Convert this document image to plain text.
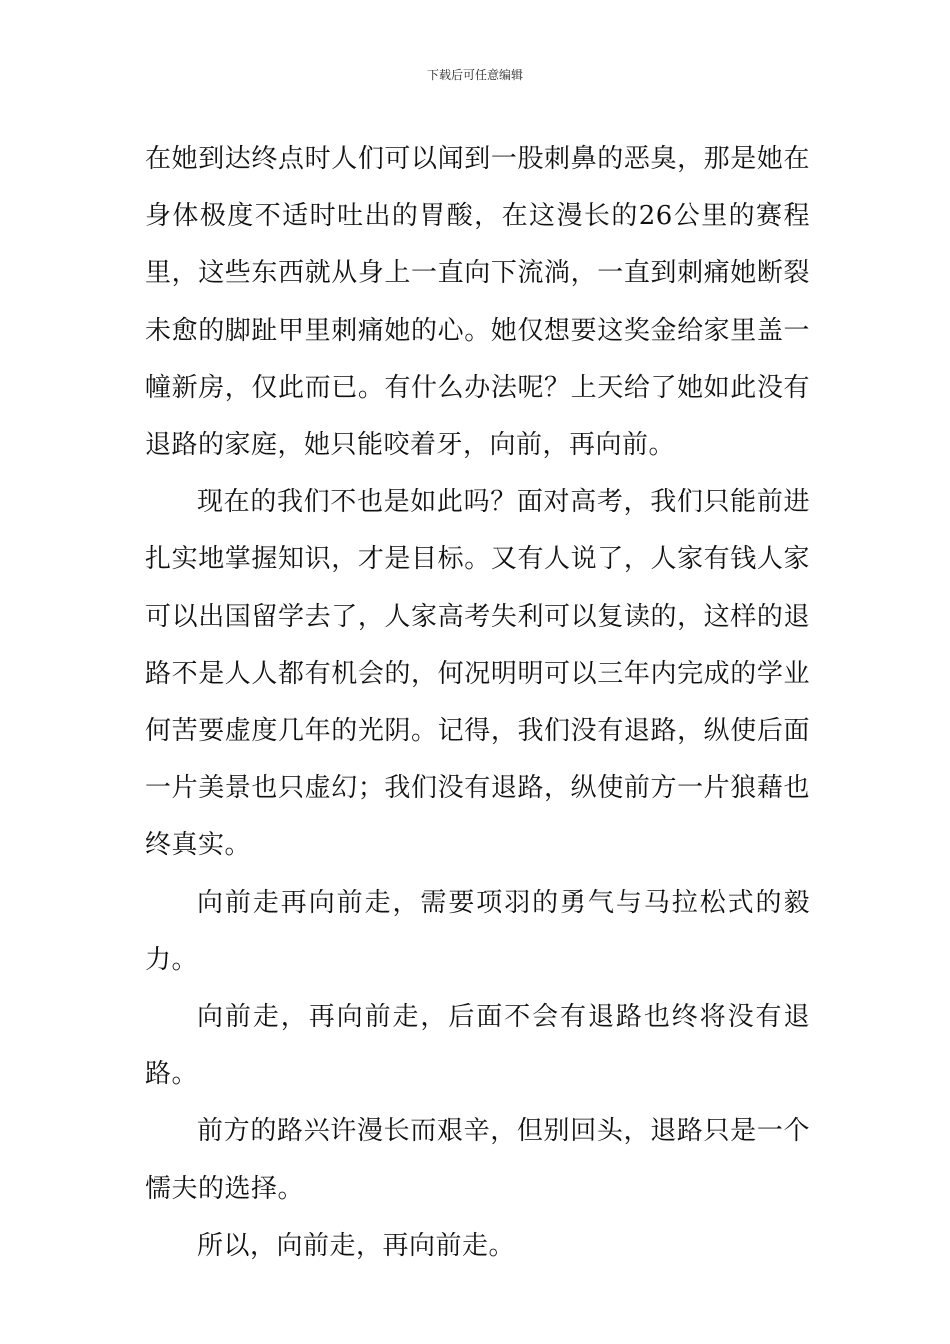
下载后可任意编辑

在她到达终点时人们可以闻到一股刺鼻的恶臭，那是她在身体极度不适时吐出的胃酸，在这漫长的26公里的赛程里，这些东西就从身上一直向下流淌，一直到刺痛她断裂未愈的脚趾甲里刺痛她的心。她仅想要这奖金给家里盖一幢新房，仅此而已。有什么办法呢？上天给了她如此没有退路的家庭，她只能咬着牙，向前，再向前。

现在的我们不也是如此吗？面对高考，我们只能前进扎实地掌握知识，才是目标。又有人说了，人家有钱人家可以出国留学去了，人家高考失利可以复读的，这样的退路不是人人都有机会的，何况明明可以三年内完成的学业何苦要虚度几年的光阴。记得，我们没有退路，纵使后面一片美景也只虚幻；我们没有退路，纵使前方一片狼藉也终真实。

向前走再向前走，需要项羽的勇气与马拉松式的毅力。

向前走，再向前走，后面不会有退路也终将没有退路。

前方的路兴许漫长而艰辛，但别回头，退路只是一个懦夫的选择。

所以，向前走，再向前走。
